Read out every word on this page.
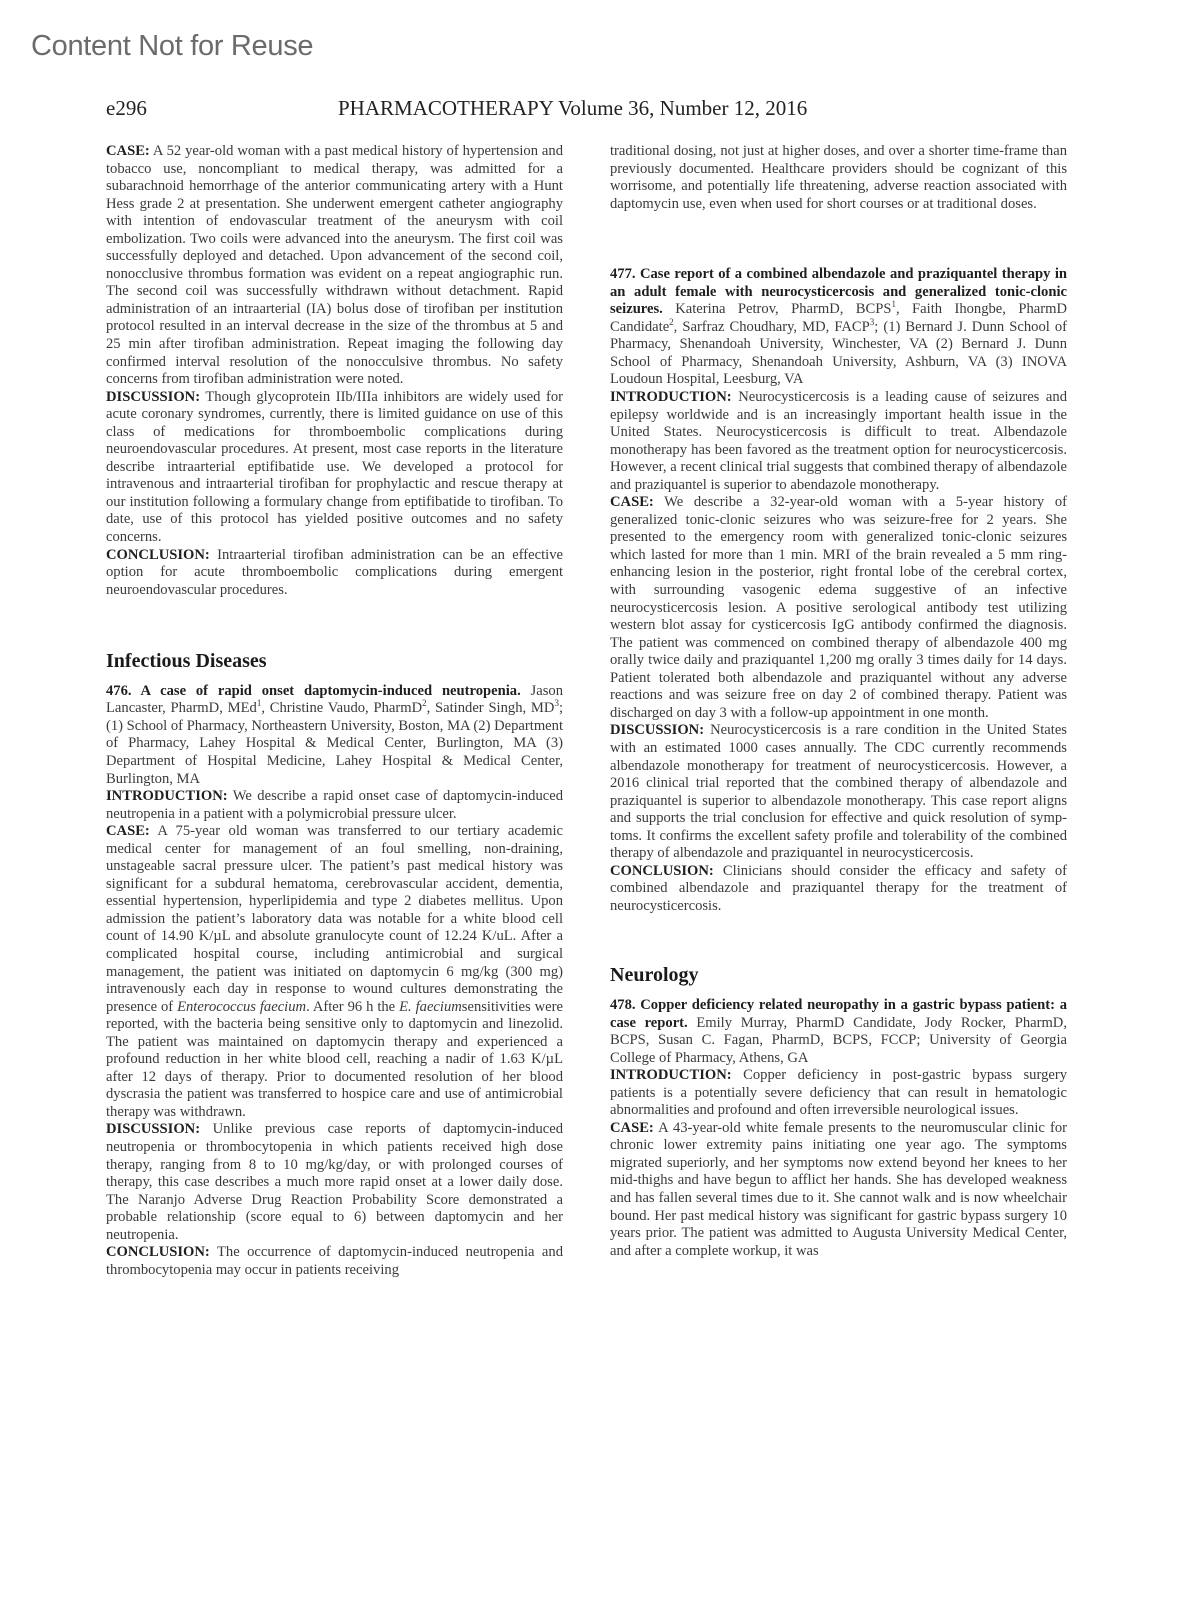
Content Not for Reuse
e296	PHARMACOTHERAPY Volume 36, Number 12, 2016

CASE: A 52 year-old woman with a past medical history of hypertension and tobacco use, noncompliant to medical therapy, was admitted for a subarachnoid hemorrhage of the anterior communicating artery with a Hunt Hess grade 2 at presentation. She underwent emergent catheter angiography with intention of endovascular treatment of the aneurysm with coil embolization. Two coils were advanced into the aneurysm. The first coil was successfully deployed and detached. Upon advancement of the second coil, nonocclusive thrombus formation was evident on a repeat angiographic run. The second coil was successfully withdrawn without detachment. Rapid administration of an intraarterial (IA) bolus dose of tirofiban per institution protocol resulted in an interval decrease in the size of the thrombus at 5 and 25 min after tirofiban administration. Repeat imaging the following day confirmed interval resolution of the nonocculsive thrombus. No safety concerns from tirofiban administration were noted.

DISCUSSION: Though glycoprotein IIb/IIIa inhibitors are widely used for acute coronary syndromes, currently, there is limited guidance on use of this class of medications for thromboembolic complications during neuroendovascular procedures. At present, most case reports in the literature describe intraarterial eptifibatide use. We developed a protocol for intravenous and intraarterial tirofiban for prophylactic and rescue therapy at our institution following a formulary change from eptifibatide to tirofiban. To date, use of this protocol has yielded positive outcomes and no safety concerns.

CONCLUSION: Intraarterial tirofiban administration can be an effective option for acute thromboembolic complications during emergent neuroendovascular procedures.

Infectious Diseases

476. A case of rapid onset daptomycin-induced neutropenia. Jason Lancaster, PharmD, MEd$^1$, Christine Vaudo, PharmD$^2$, Satinder Singh, $MD^3$; (1) School of Pharmacy, Northeastern University, Boston, MA (2) Department of Pharmacy, Lahey Hospital & Medical Center, Burlington, MA (3) Department of Hospital Medicine, Lahey Hospital & Medical Center, Burlington, MA

INTRODUCTION: We describe a rapid onset case of daptomycin-induced neutropenia in a patient with a polymicrobial pressure ulcer.

CASE: A 75-year old woman was transferred to our tertiary academic medical center for management of an foul smelling, non-draining, unstageable sacral pressure ulcer. The patient’s past medical history was significant for a subdural hematoma, cerebrovascular accident, dementia, essential hypertension, hyperlipidemia and type 2 diabetes mellitus. Upon admission the patient’s laboratory data was notable for a white blood cell count of 14.90 K/µL and absolute granulocyte count of 12.24 K/uL. After a complicated hospital course, including antimicrobial and surgical management, the patient was initiated on daptomycin 6 mg/kg (300 mg) intravenously each day in response to wound cultures demonstrating the presence of Enterococcus faecium. After 96 h the E. faeciumsensitivities were reported, with the bacteria being sensitive only to daptomycin and linezolid. The patient was maintained on daptomycin therapy and experienced a profound reduction in her white blood cell, reaching a nadir of 1.63 K/µL after 12 days of therapy. Prior to documented resolution of her blood dyscrasia the patient was transferred to hospice care and use of antimicrobial therapy was withdrawn.

DISCUSSION: Unlike previous case reports of daptomycin-induced neutropenia or thrombocytopenia in which patients received high dose therapy, ranging from 8 to 10 mg/kg/day, or with prolonged courses of therapy, this case describes a much more rapid onset at a lower daily dose. The Naranjo Adverse Drug Reaction Probability Score demonstrated a probable relationship (score equal to 6) between daptomycin and her neutropenia.

CONCLUSION: The occurrence of daptomycin-induced neutropenia and thrombocytopenia may occur in patients receiving

traditional dosing, not just at higher doses, and over a shorter time-frame than previously documented. Healthcare providers should be cognizant of this worrisome, and potentially life threatening, adverse reaction associated with daptomycin use, even when used for short courses or at traditional doses.

477. Case report of a combined albendazole and praziquantel therapy in an adult female with neurocysticercosis and generalized tonic-clonic seizures. Katerina Petrov, PharmD, BCPS$^1$, Faith Ihongbe, PharmD Candidate$^2$, Sarfraz Choudhary, MD, FACP$^3$; (1) Bernard J. Dunn School of Pharmacy, Shenandoah University, Winchester, VA (2) Bernard J. Dunn School of Pharmacy, Shenandoah University, Ashburn, VA (3) INOVA Loudoun Hospital, Leesburg, VA

INTRODUCTION: Neurocysticercosis is a leading cause of seizures and epilepsy worldwide and is an increasingly important health issue in the United States. Neurocysticercosis is difficult to treat. Albendazole monotherapy has been favored as the treatment option for neurocysticercosis. However, a recent clinical trial suggests that combined therapy of albendazole and praziquantel is superior to abendazole monotherapy.

CASE: We describe a 32-year-old woman with a 5-year history of generalized tonic-clonic seizures who was seizure-free for 2 years. She presented to the emergency room with generalized tonic-clonic seizures which lasted for more than 1 min. MRI of the brain revealed a 5 mm ring-enhancing lesion in the posterior, right frontal lobe of the cerebral cortex, with surrounding vasogenic edema suggestive of an infective neurocysticercosis lesion. A positive serological antibody test utilizing western blot assay for cysticercosis IgG antibody confirmed the diagnosis. The patient was commenced on combined therapy of albendazole 400 mg orally twice daily and praziquantel 1,200 mg orally 3 times daily for 14 days. Patient tolerated both albendazole and praziquantel without any adverse reactions and was seizure free on day 2 of combined therapy. Patient was discharged on day 3 with a follow-up appointment in one month.

DISCUSSION: Neurocysticercosis is a rare condition in the United States with an estimated 1000 cases annually. The CDC currently recommends albendazole monotherapy for treatment of neurocysticercosis. However, a 2016 clinical trial reported that the combined therapy of albendazole and praziquantel is superior to albendazole monotherapy. This case report aligns and supports the trial conclusion for effective and quick resolution of symptoms. It confirms the excellent safety profile and tolerability of the combined therapy of albendazole and praziquantel in neurocysticercosis.

CONCLUSION: Clinicians should consider the efficacy and safety of combined albendazole and praziquantel therapy for the treatment of neurocysticercosis.

Neurology

478. Copper deficiency related neuropathy in a gastric bypass patient: a case report. Emily Murray, PharmD Candidate, Jody Rocker, PharmD, BCPS, Susan C. Fagan, PharmD, BCPS, FCCP; University of Georgia College of Pharmacy, Athens, GA

INTRODUCTION: Copper deficiency in post-gastric bypass surgery patients is a potentially severe deficiency that can result in hematologic abnormalities and profound and often irreversible neurological issues.

CASE: A 43-year-old white female presents to the neuromuscular clinic for chronic lower extremity pains initiating one year ago. The symptoms migrated superiorly, and her symptoms now extend beyond her knees to her mid-thighs and have begun to afflict her hands. She has developed weakness and has fallen several times due to it. She cannot walk and is now wheelchair bound. Her past medical history was significant for gastric bypass surgery 10 years prior. The patient was admitted to Augusta University Medical Center, and after a complete workup, it was
